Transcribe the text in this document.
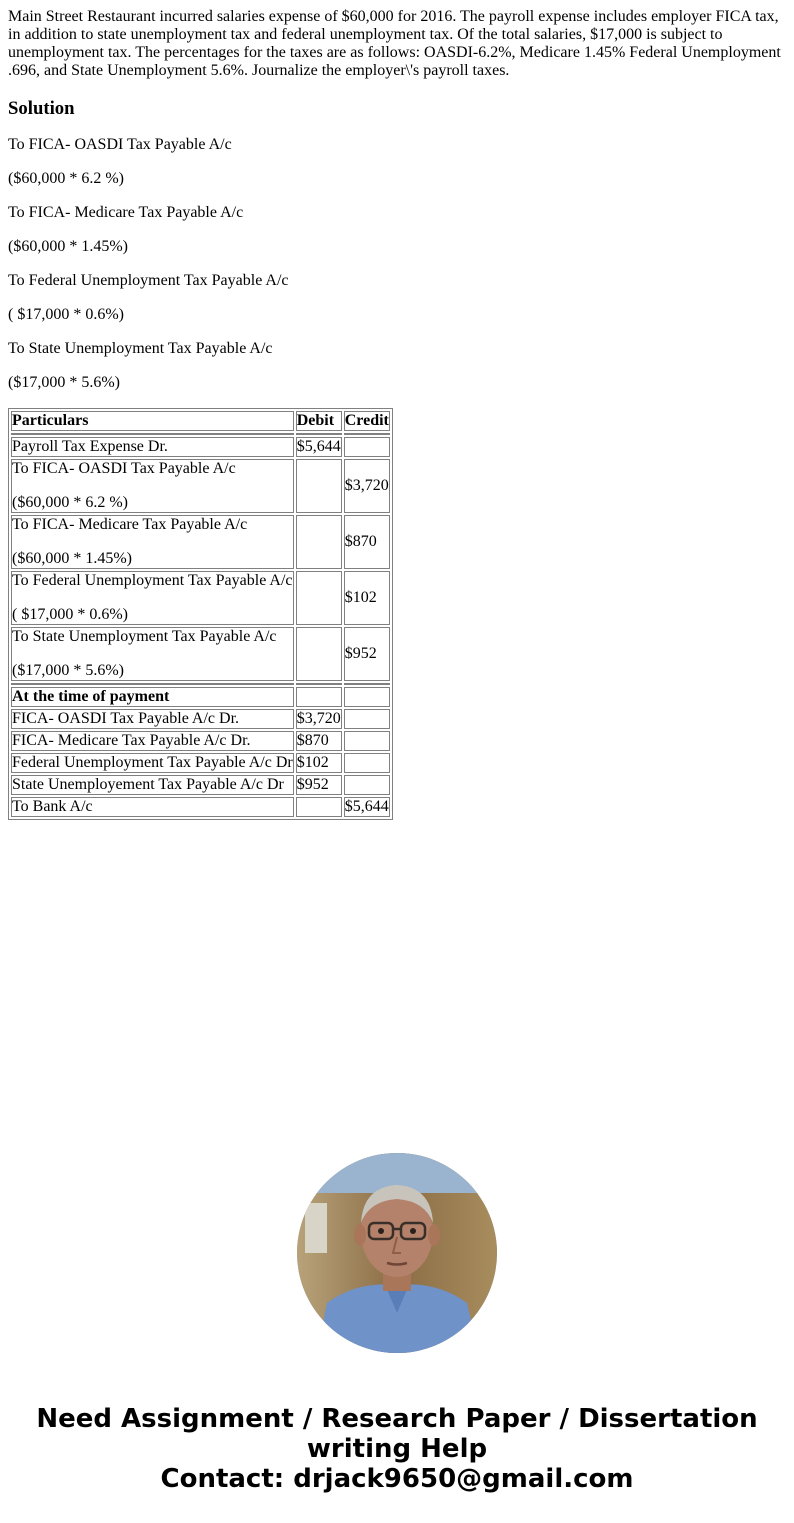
Main Street Restaurant incurred salaries expense of $60,000 for 2016. The payroll expense includes employer FICA tax, in addition to state unemployment tax and federal unemployment tax. Of the total salaries, $17,000 is subject to unemployment tax. The percentages for the taxes are as follows: OASDI-6.2%, Medicare 1.45% Federal Unemployment .696, and State Unemployment 5.6%. Journalize the employer\'s payroll taxes.

Solution

To FICA- OASDI Tax Payable A/c

($60,000 * 6.2 %)

To FICA- Medicare Tax Payable A/c

($60,000 * 1.45%)

To Federal Unemployment Tax Payable A/c

( $17,000 * 0.6%)

To State Unemployment Tax Payable A/c

($17,000 * 5.6%)

Particulars	Debit	Credit

Payroll Tax Expense Dr.	$5,644	

To FICA- OASDI Tax Payable A/c

($60,000 * 6.2 %)		$3,720

To FICA- Medicare Tax Payable A/c

($60,000 * 1.45%)		$870

To Federal Unemployment Tax Payable A/c

( $17,000 * 0.6%)		$102

To State Unemployment Tax Payable A/c

($17,000 * 5.6%)		$952

At the time of payment		
FICA- OASDI Tax Payable A/c Dr.	$3,720	
FICA- Medicare Tax Payable A/c Dr.	$870	
Federal Unemployment Tax Payable A/c Dr	$102	
State Unemployement Tax Payable A/c Dr	$952	
To Bank A/c		$5,644
Need Assignment / Research Paper / Dissertation
writing Help
Contact: drjack9650@gmail.com
